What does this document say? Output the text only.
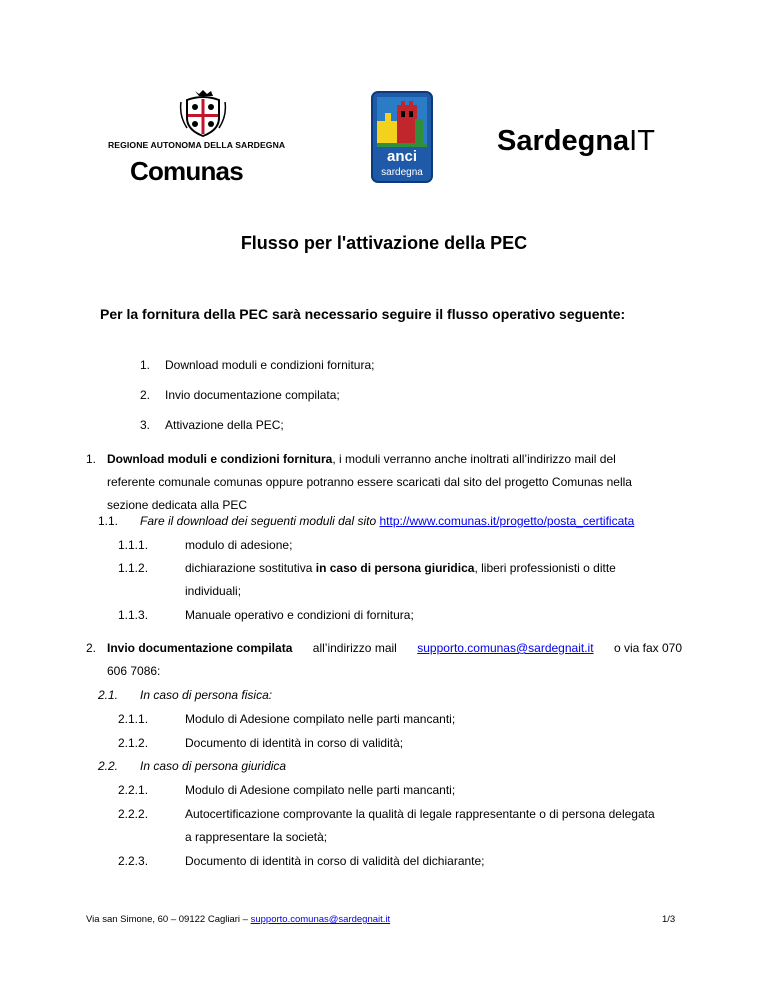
REGIONE AUTONOMA DELLA SARDEGNA
Comunas	anci
sardegna
SardegnaIT
Flusso per l'attivazione della PEC
Per la fornitura della PEC sarà necessario seguire il flusso operativo seguente:
1. Download moduli e condizioni fornitura;
2. Invio documentazione compilata;
3. Attivazione della PEC;
1. Download moduli e condizioni fornitura, i moduli verranno anche inoltrati all’indirizzo mail del
referente comunale comunas oppure potranno essere scaricati dal sito del progetto Comunas nella
sezione dedicata alla PEC
1.1. Fare il download dei seguenti moduli dal sito http://www.comunas.it/progetto/posta_certificata
1.1.1.	modulo di adesione;
1.1.2.	dichiarazione sostitutiva in caso di persona giuridica, liberi professionisti o ditte
individuali;
1.1.3.	Manuale operativo e condizioni di fornitura;
2. Invio documentazione compilata all’indirizzo mail supporto.comunas@sardegnait.it o via fax 070
606 7086:
2.1. In caso di persona fisica:
2.1.1.	Modulo di Adesione compilato nelle parti mancanti;
2.1.2.	Documento di identità in corso di validità;
2.2. In caso di persona giuridica
2.2.1.	Modulo di Adesione compilato nelle parti mancanti;
2.2.2.	Autocertificazione comprovante la qualità di legale rappresentante o di persona delegata
a rappresentare la società;
2.2.3.	Documento di identità in corso di validità del dichiarante;
Via san Simone, 60 – 09122 Cagliari – supporto.comunas@sardegnait.it	1/3
